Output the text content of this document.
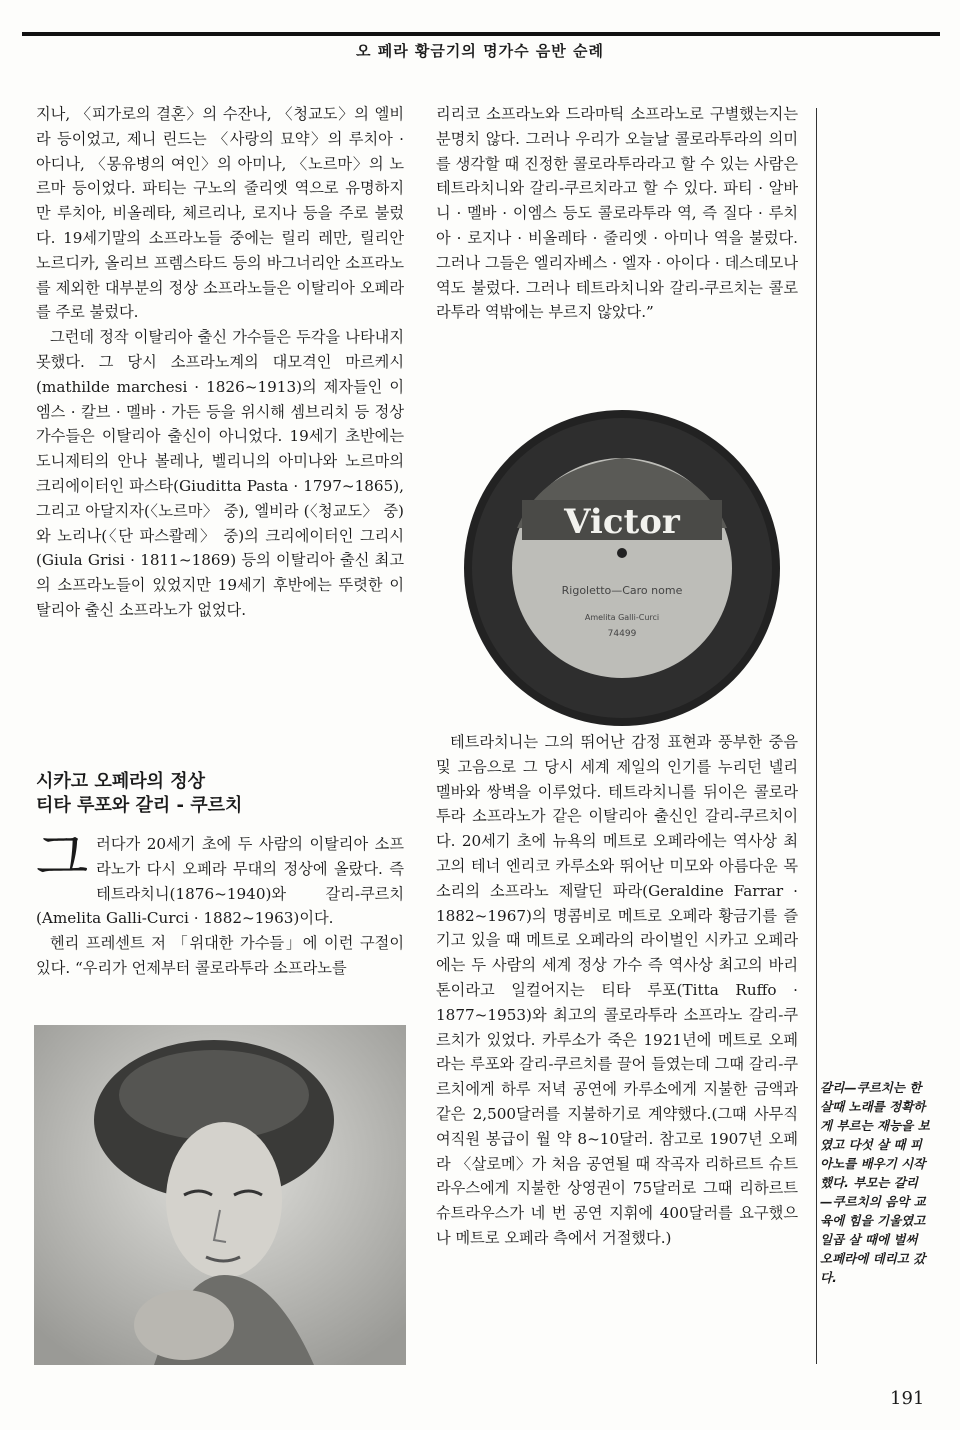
오 페라 황금기의 명가수 음반 순례

지나, 〈피가로의 결혼〉의 수잔나, 〈청교도〉의 엘비라 등이었고, 제니 린드는 〈사랑의 묘약〉의 루치아 · 아디나, 〈몽유병의 여인〉의 아미나, 〈노르마〉의 노르마 등이었다. 파티는 구노의 줄리엣 역으로 유명하지만 루치아, 비올레타, 체르리나, 로지나 등을 주로 불렀다. 19세기말의 소프라노들 중에는 릴리 레만, 릴리안 노르디카, 올리브 프렘스타드 등의 바그너리안 소프라노를 제외한 대부분의 정상 소프라노들은 이탈리아 오페라를 주로 불렀다.

그런데 정작 이탈리아 출신 가수들은 두각을 나타내지 못했다. 그 당시 소프라노계의 대모격인 마르케시(mathilde marchesi · 1826~1913)의 제자들인 이엠스 · 칼브 · 멜바 · 가든 등을 위시해 셈브리치 등 정상 가수들은 이탈리아 출신이 아니었다. 19세기 초반에는 도니제티의 안나 볼레나, 벨리니의 아미나와 노르마의 크리에이터인 파스타(Giuditta Pasta · 1797~1865), 그리고 아달지자(〈노르마〉 중), 엘비라 (〈청교도〉 중)와 노리나(〈단 파스콸레〉 중)의 크리에이터인 그리시(Giula Grisi · 1811~1869) 등의 이탈리아 출신 최고의 소프라노들이 있었지만 19세기 후반에는 뚜렷한 이탈리아 출신 소프라노가 없었다.

시카고 오페라의 정상
티타 루포와 갈리 - 쿠르치
그 러다가 20세기 초에 두 사람의 이탈리아 소프라노가 다시 오페라 무대의 정상에 올랐다. 즉 테트라치니(1876~1940)와 갈리-쿠르치(Amelita Galli-Curci · 1882~1963)이다.

헨리 프레센트 저 「위대한 가수들」에 이런 구절이 있다. “우리가 언제부터 콜로라투라 소프라노를

리리코 소프라노와 드라마틱 소프라노로 구별했는지는 분명치 않다. 그러나 우리가 오늘날 콜로라투라의 의미를 생각할 때 진정한 콜로라투라라고 할 수 있는 사람은 테트라치니와 갈리-쿠르치라고 할 수 있다. 파티 · 알바니 · 멜바 · 이엠스 등도 콜로라투라 역, 즉 질다 · 루치아 · 로지나 · 비올레타 · 줄리엣 · 아미나 역을 불렀다. 그러나 그들은 엘리자베스 · 엘자 · 아이다 · 데스데모나 역도 불렀다. 그러나 테트라치니와 갈리-쿠르치는 콜로라투라 역밖에는 부르지 않았다.”

Victor
Rigoletto—Caro nome
Amelita Galli-Curci
74499

테트라치니는 그의 뛰어난 감정 표현과 풍부한 중음 및 고음으로 그 당시 세계 제일의 인기를 누리던 넬리 멜바와 쌍벽을 이루었다. 테트라치니를 뒤이은 콜로라투라 소프라노가 같은 이탈리아 출신인 갈리-쿠르치이다. 20세기 초에 뉴욕의 메트로 오페라에는 역사상 최고의 테너 엔리코 카루소와 뛰어난 미모와 아름다운 목소리의 소프라노 제랄딘 파라(Geraldine Farrar · 1882~1967)의 명콤비로 메트로 오페라 황금기를 즐기고 있을 때 메트로 오페라의 라이벌인 시카고 오페라에는 두 사람의 세계 정상 가수 즉 역사상 최고의 바리톤이라고 일컬어지는 티타 루포(Titta Ruffo · 1877~1953)와 최고의 콜로라투라 소프라노 갈리-쿠르치가 있었다. 카루소가 죽은 1921년에 메트로 오페라는 루포와 갈리-쿠르치를 끌어 들였는데 그때 갈리-쿠르치에게 하루 저녁 공연에 카루소에게 지불한 금액과 같은 2,500달러를 지불하기로 계약했다.(그때 사무직 여직원 봉급이 월 약 8~10달러. 참고로 1907년 오페라 〈살로메〉가 처음 공연될 때 작곡자 리하르트 슈트라우스에게 지불한 상영권이 75달러로 그때 리하르트 슈트라우스가 네 번 공연 지휘에 400달러를 요구했으나 메트로 오페라 측에서 거절했다.)

갈리—쿠르치는 한 살때 노래를 정확하게 부르는 재능을 보였고 다섯 살 때 피아노를 배우기 시작했다. 부모는 갈리—쿠르치의 음악 교육에 힘을 기울였고 일곱 살 때에 벌써 오페라에 데리고 갔다.
191
